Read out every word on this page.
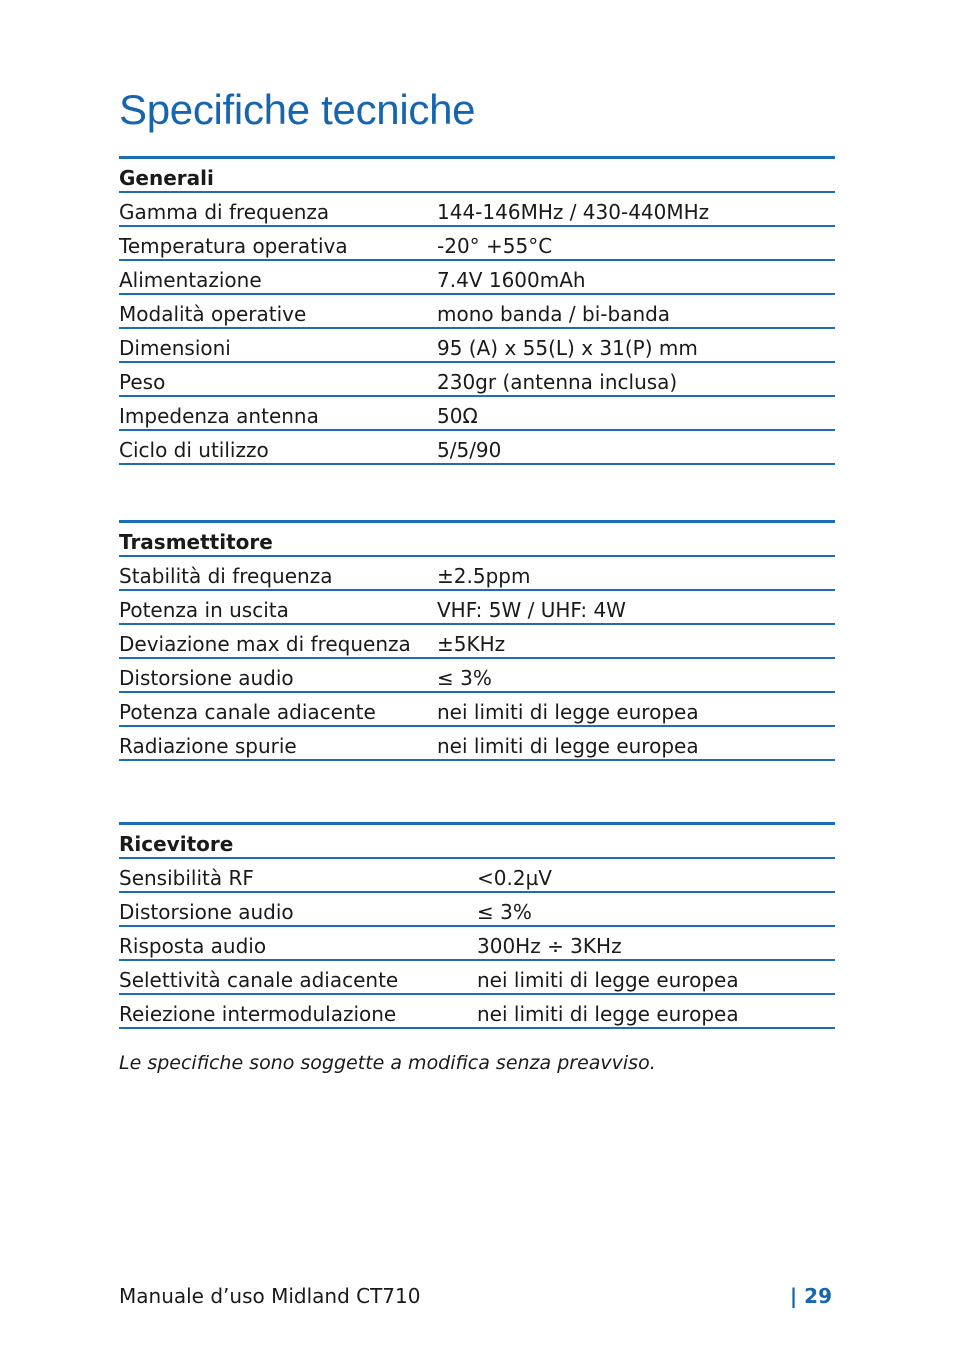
Specifiche tecniche
Generali
Gamma di frequenza	144-146MHz / 430-440MHz
Temperatura operativa	-20° +55°C
Alimentazione	7.4V 1600mAh
Modalità operative	mono banda / bi-banda
Dimensioni	95 (A) x 55(L) x 31(P) mm
Peso	230gr (antenna inclusa)
Impedenza antenna	50Ω
Ciclo di utilizzo	5/5/90
Trasmettitore
Stabilità di frequenza	±2.5ppm
Potenza in uscita	VHF: 5W / UHF: 4W
Deviazione max di frequenza ±5KHz
Distorsione audio	≤ 3%
Potenza canale adiacente	nei limiti di legge europea
Radiazione spurie	nei limiti di legge europea
Ricevitore
Sensibilità RF	<0.2µV
Distorsione audio	≤ 3%
Risposta audio	300Hz ÷ 3KHz
Selettività canale adiacente	nei limiti di legge europea
Reiezione intermodulazione	nei limiti di legge europea

Le specifiche sono soggette a modifica senza preavviso.

Manuale d’uso Midland CT710	| 29
